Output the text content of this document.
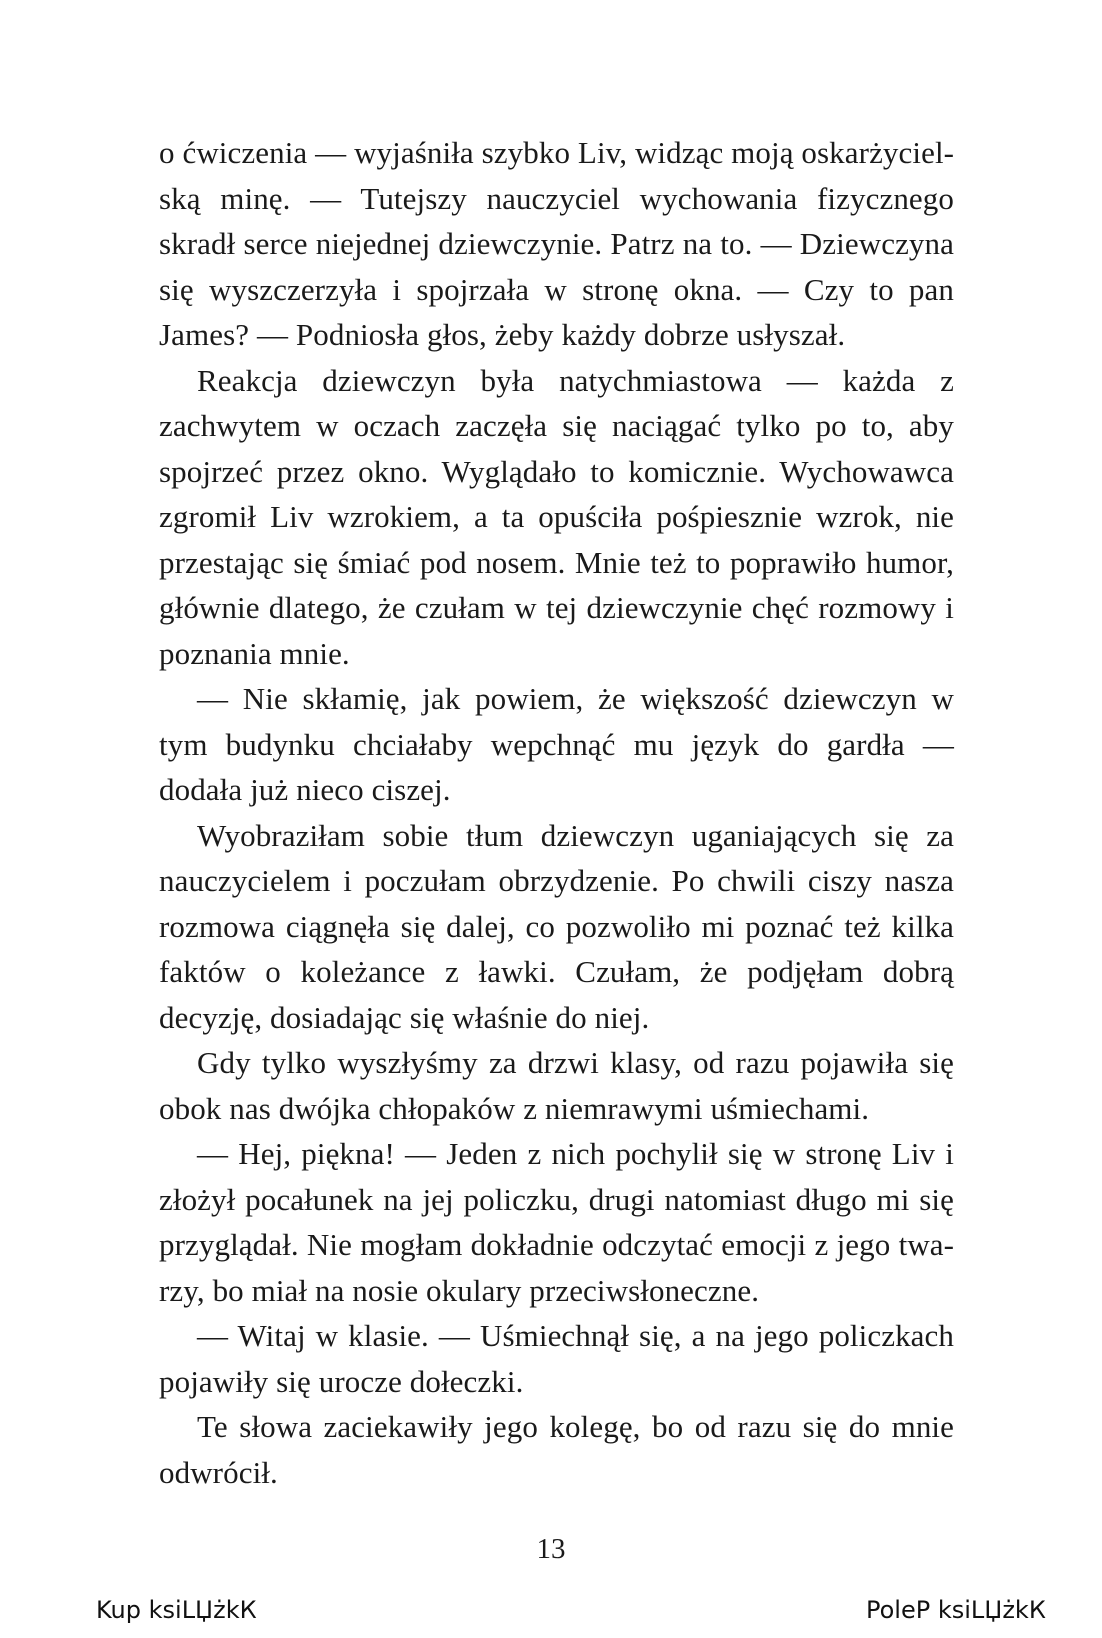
o ćwiczenia — wyjaśniła szybko Liv, widząc moją oskarżycielską minę. — Tutejszy nauczyciel wychowania fizycznego skradł serce niejednej dziewczynie. Patrz na to. — Dziewczyna się wyszczerzyła i spojrzała w stronę okna. — Czy to pan James? — Podniosła głos, żeby każdy dobrze usłyszał.

Reakcja dziewczyn była natychmiastowa — każda z zachwytem w oczach zaczęła się naciągać tylko po to, aby spojrzeć przez okno. Wyglądało to komicznie. Wychowawca zgromił Liv wzrokiem, a ta opuściła pośpiesznie wzrok, nie przestając się śmiać pod nosem. Mnie też to poprawiło humor, głównie dlatego, że czułam w tej dziewczynie chęć rozmowy i poznania mnie.

— Nie skłamię, jak powiem, że większość dziewczyn w tym budynku chciałaby wepchnąć mu język do gardła — dodała już nieco ciszej.

Wyobraziłam sobie tłum dziewczyn uganiających się za nauczycielem i poczułam obrzydzenie. Po chwili ciszy nasza rozmowa ciągnęła się dalej, co pozwoliło mi poznać też kilka faktów o koleżance z ławki. Czułam, że podjęłam dobrą decyzję, dosiadając się właśnie do niej.

Gdy tylko wyszłyśmy za drzwi klasy, od razu pojawiła się obok nas dwójka chłopaków z niemrawymi uśmiechami.

— Hej, piękna! — Jeden z nich pochylił się w stronę Liv i złożył pocałunek na jej policzku, drugi natomiast długo mi się przyglądał. Nie mogłam dokładnie odczytać emocji z jego twarzy, bo miał na nosie okulary przeciwsłoneczne.

— Witaj w klasie. — Uśmiechnął się, a na jego policzkach pojawiły się urocze dołeczki.

Te słowa zaciekawiły jego kolegę, bo od razu się do mnie odwrócił.

13
Kup ksiLЏżkК	PoleР ksiLЏżkК
